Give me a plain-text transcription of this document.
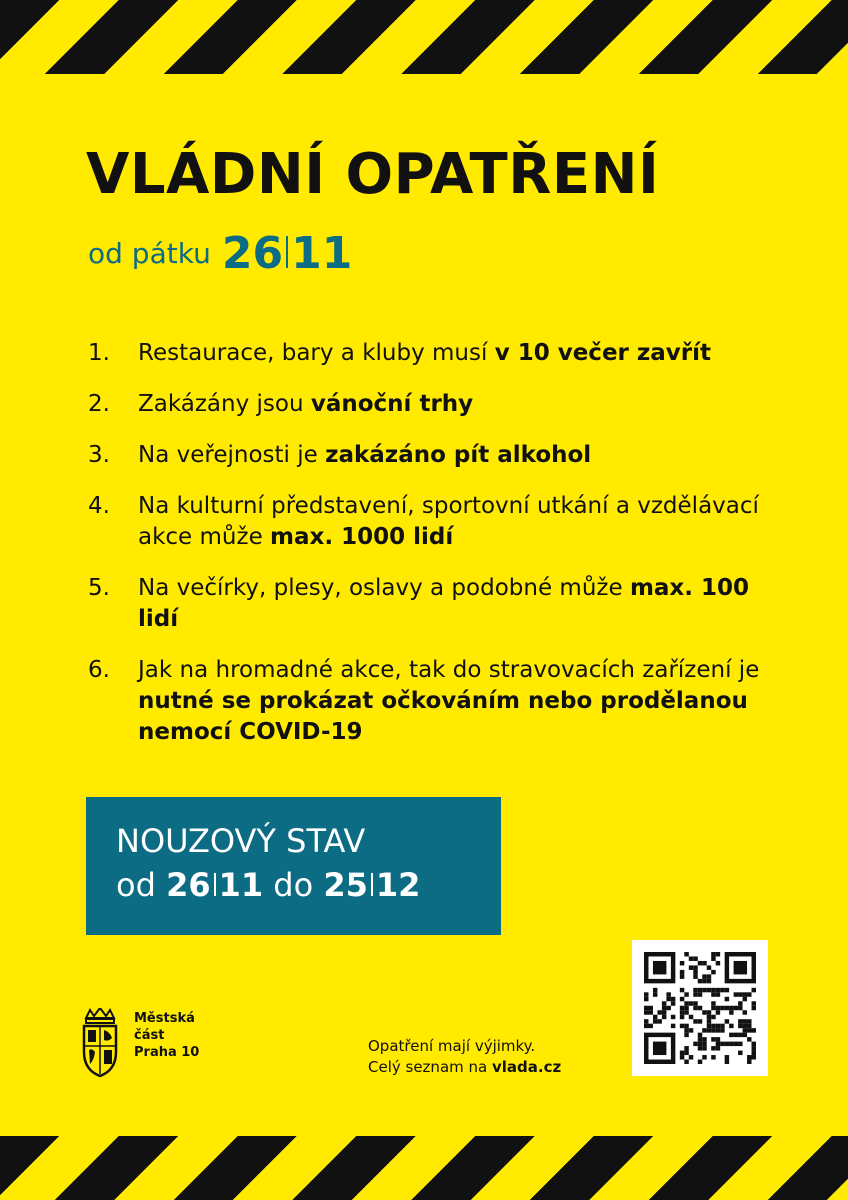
VLÁDNÍ OPATŘENÍ
od pátku 26 11
1.	Restaurace, bary a kluby musí v 10 večer zavřít
2.	Zakázány jsou vánoční trhy
3.	Na veřejnosti je zakázáno pít alkohol
4.	Na kulturní představení, sportovní utkání a vzdělávací akce může max. 1000 lidí
5.	Na večírky, plesy, oslavy a podobné může max. 100 lidí
6.	Jak na hromadné akce, tak do stravovacích zařízení je nutné se prokázat očkováním nebo prodělanou nemocí COVID-19
NOUZOVÝ STAV
od 26 11 do 25 12
Městská
část
Praha 10	Opatření mají výjimky.
Celý seznam na vlada.cz
